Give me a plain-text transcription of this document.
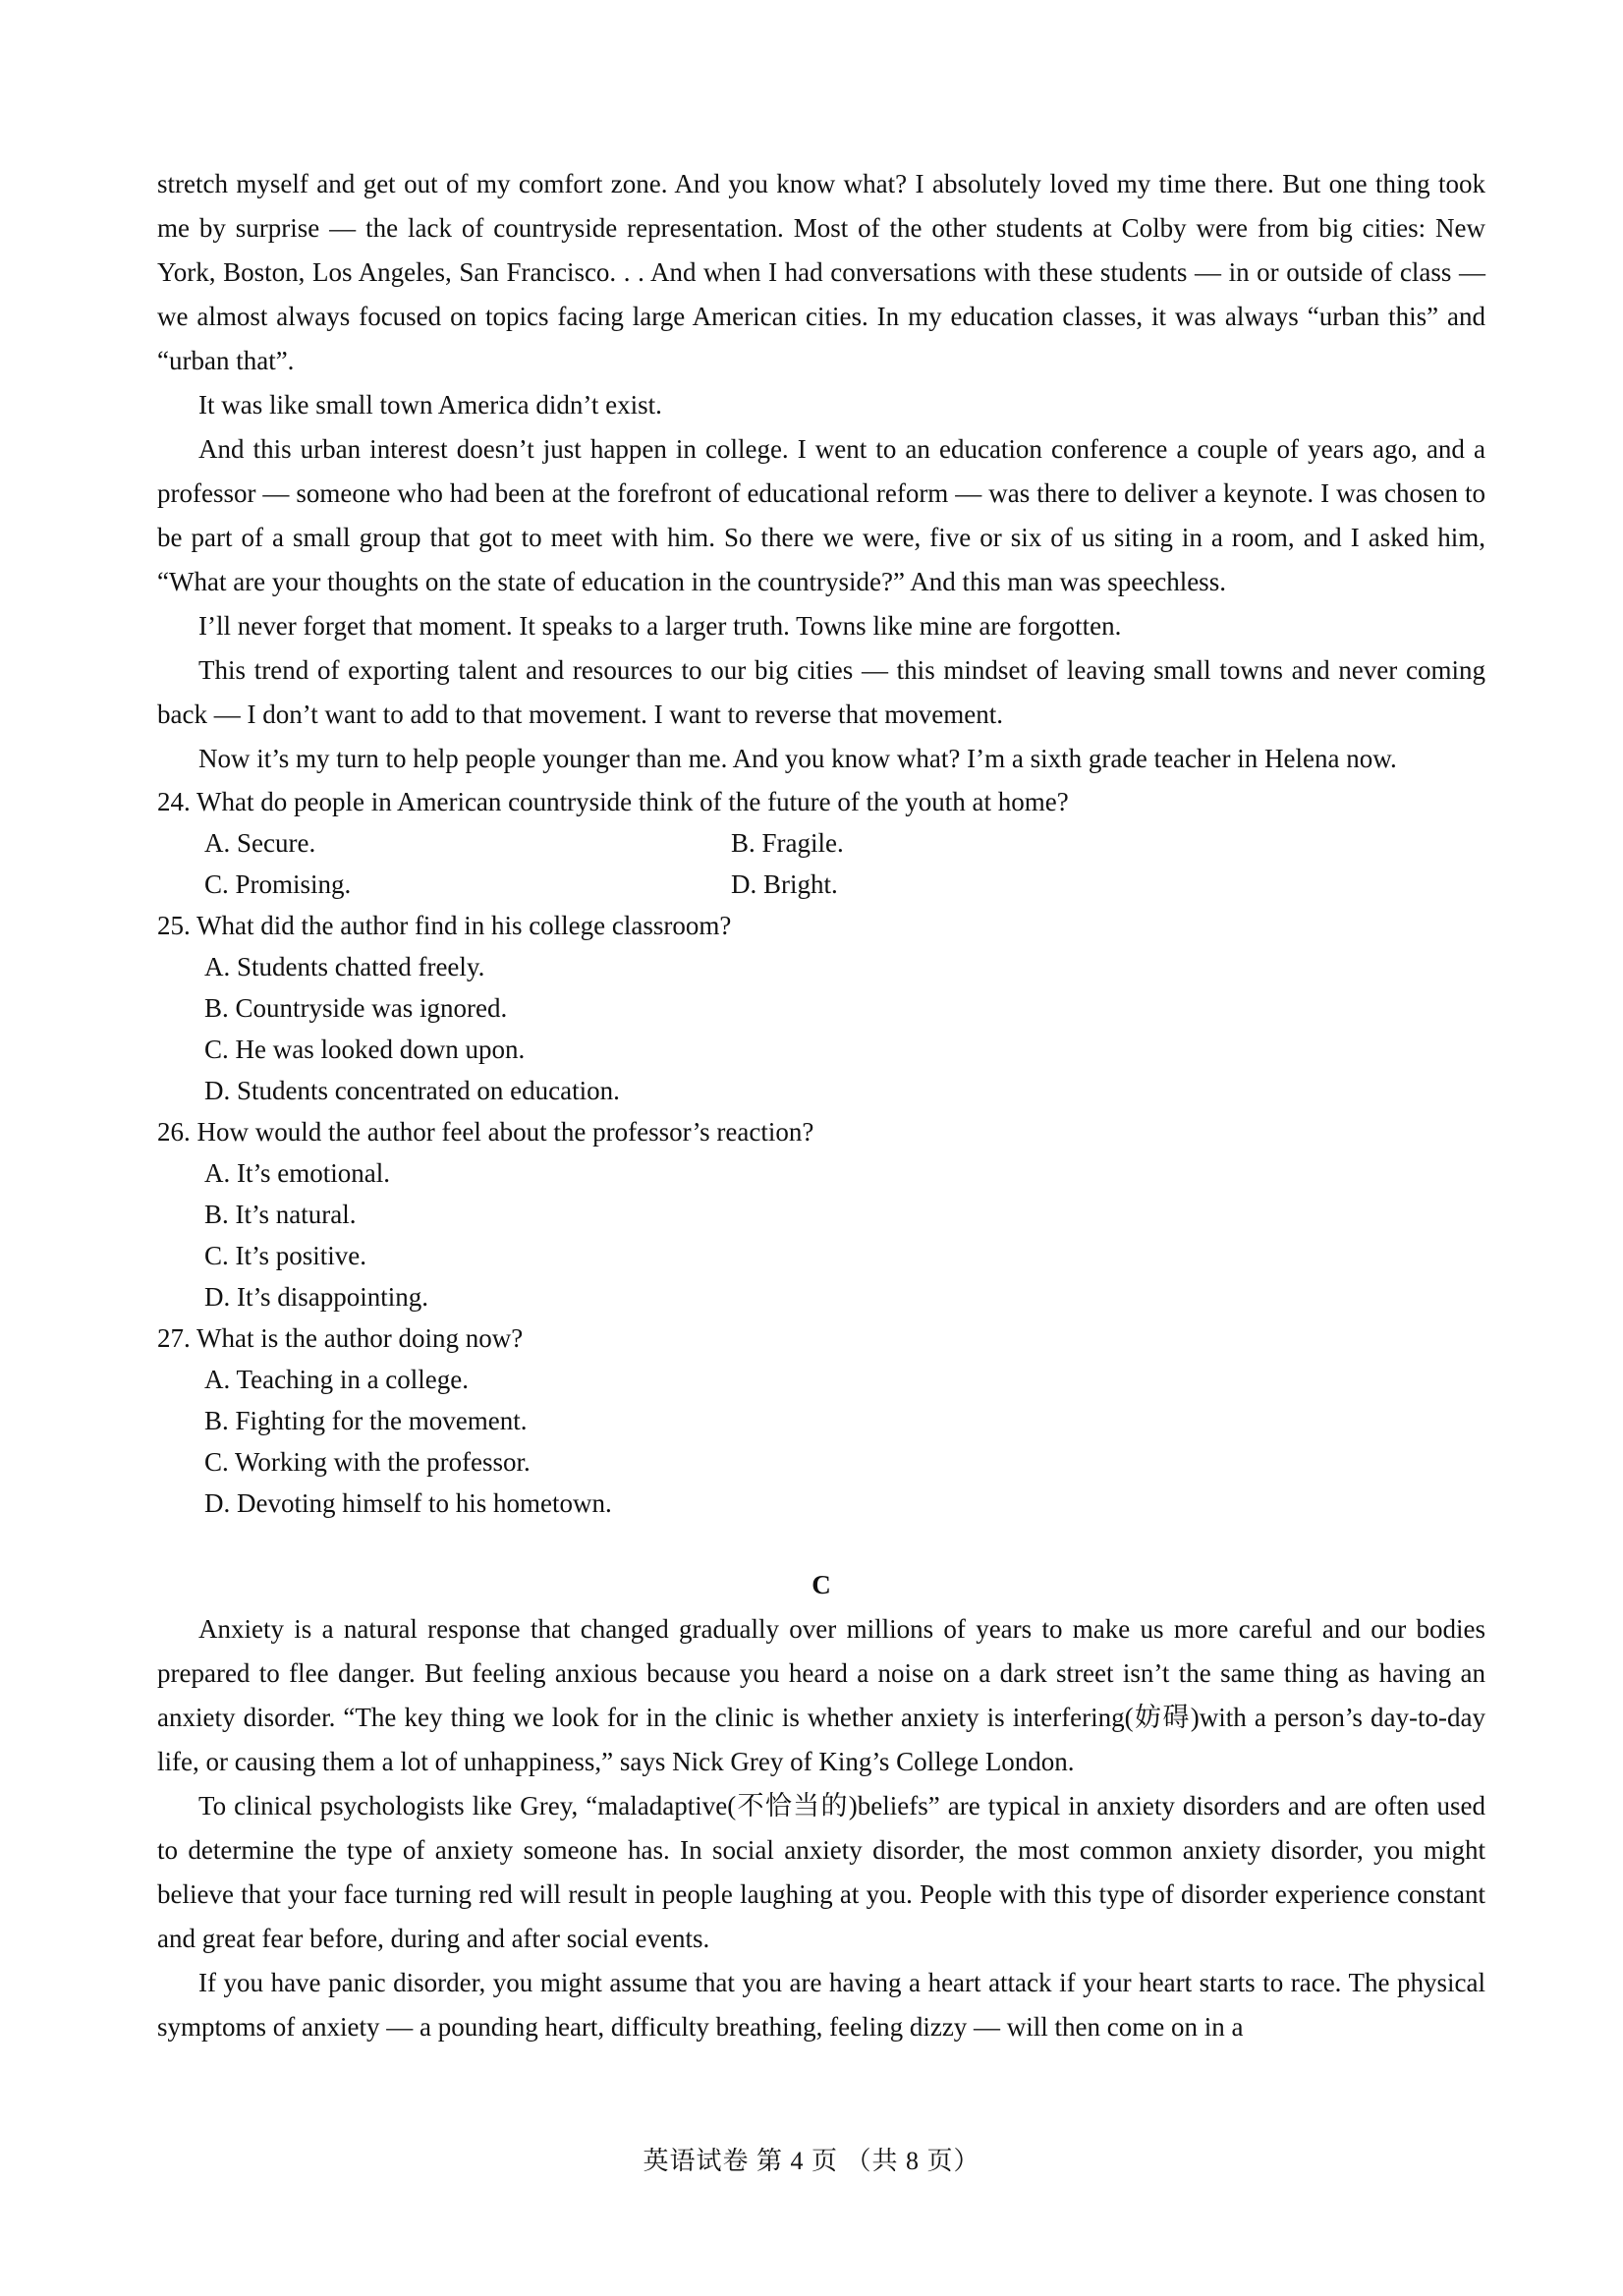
stretch myself and get out of my comfort zone. And you know what? I absolutely loved my time there. But one thing took me by surprise — the lack of countryside representation. Most of the other students at Colby were from big cities: New York, Boston, Los Angeles, San Francisco. . . And when I had conversations with these students — in or outside of class — we almost always focused on topics facing large American cities. In my education classes, it was always “urban this” and “urban that”.

It was like small town America didn’t exist.

And this urban interest doesn’t just happen in college. I went to an education conference a couple of years ago, and a professor — someone who had been at the forefront of educational reform — was there to deliver a keynote. I was chosen to be part of a small group that got to meet with him. So there we were, five or six of us siting in a room, and I asked him, “What are your thoughts on the state of education in the countryside?” And this man was speechless.

I’ll never forget that moment. It speaks to a larger truth. Towns like mine are forgotten.

This trend of exporting talent and resources to our big cities — this mindset of leaving small towns and never coming back — I don’t want to add to that movement. I want to reverse that movement.

Now it’s my turn to help people younger than me. And you know what? I’m a sixth grade teacher in Helena now.

24. What do people in American countryside think of the future of the youth at home?

A. Secure.	B. Fragile.
C. Promising.	D. Bright.

25. What did the author find in his college classroom?

A. Students chatted freely.
B. Countryside was ignored.
C. He was looked down upon.
D. Students concentrated on education.

26. How would the author feel about the professor’s reaction?

A. It’s emotional.
B. It’s natural.
C. It’s positive.
D. It’s disappointing.

27. What is the author doing now?

A. Teaching in a college.
B. Fighting for the movement.
C. Working with the professor.
D. Devoting himself to his hometown.
C

Anxiety is a natural response that changed gradually over millions of years to make us more careful and our bodies prepared to flee danger. But feeling anxious because you heard a noise on a dark street isn’t the same thing as having an anxiety disorder. “The key thing we look for in the clinic is whether anxiety is interfering(妨碍)with a person’s day-to-day life, or causing them a lot of unhappiness,” says Nick Grey of King’s College London.

To clinical psychologists like Grey, “maladaptive(不恰当的)beliefs” are typical in anxiety disorders and are often used to determine the type of anxiety someone has. In social anxiety disorder, the most common anxiety disorder, you might believe that your face turning red will result in people laughing at you. People with this type of disorder experience constant and great fear before, during and after social events.

If you have panic disorder, you might assume that you are having a heart attack if your heart starts to race. The physical symptoms of anxiety — a pounding heart, difficulty breathing, feeling dizzy — will then come on in a

英语试卷 第 4 页 （共 8 页）
